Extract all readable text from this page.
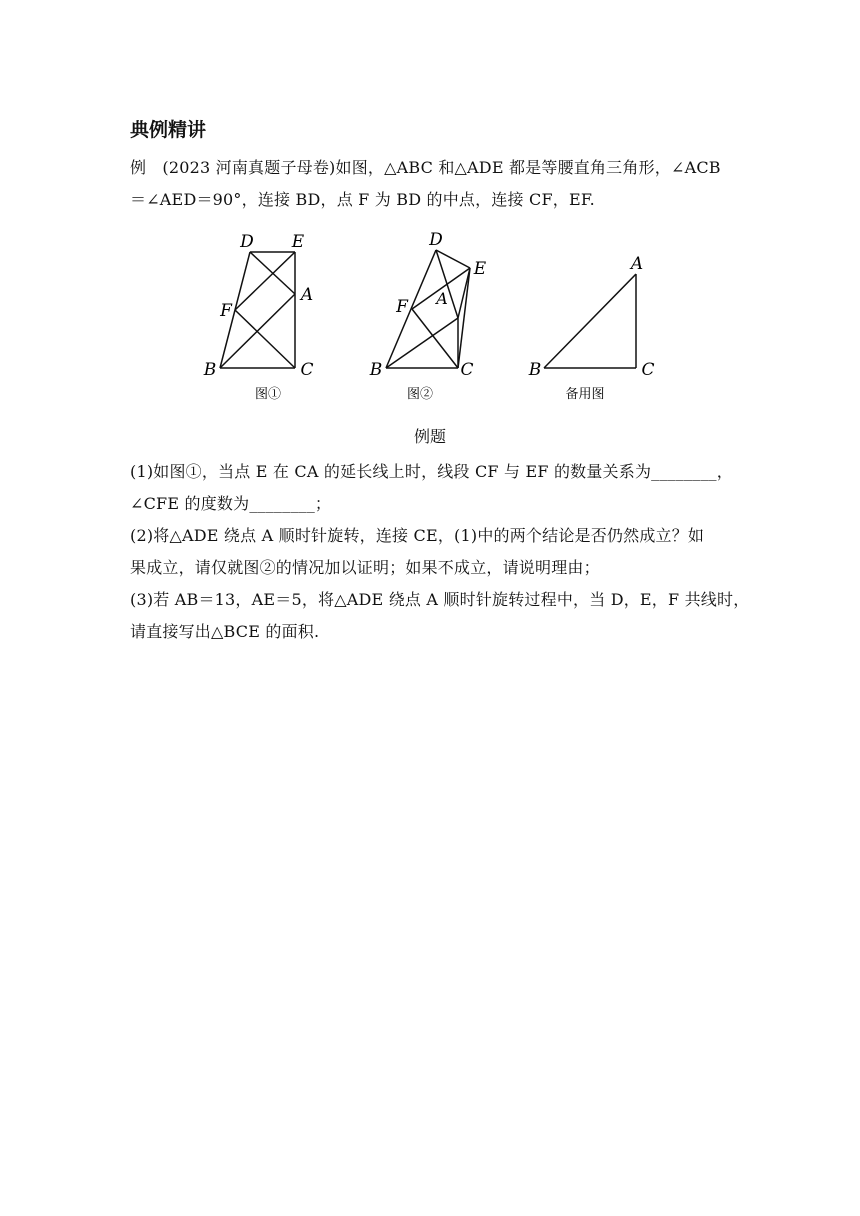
典例精讲
例　(2023 河南真题子母卷)如图，△ABC 和△ADE 都是等腰直角三角形，∠ACB
＝∠AED＝90°，连接 BD，点 F 为 BD 的中点，连接 CF，EF.
D E
A
F
B	C
图①
D
E
A
F
B	C
图②
A
B	C
备用图
例题
(1)如图①，当点 E 在 CA 的延长线上时，线段 CF 与 EF 的数量关系为________，
∠CFE 的度数为________；
(2)将△ADE 绕点 A 顺时针旋转，连接 CE，(1)中的两个结论是否仍然成立？如
果成立，请仅就图②的情况加以证明；如果不成立，请说明理由；
(3)若 AB＝13，AE＝5，将△ADE 绕点 A 顺时针旋转过程中，当 D，E，F 共线时，
请直接写出△BCE 的面积.
